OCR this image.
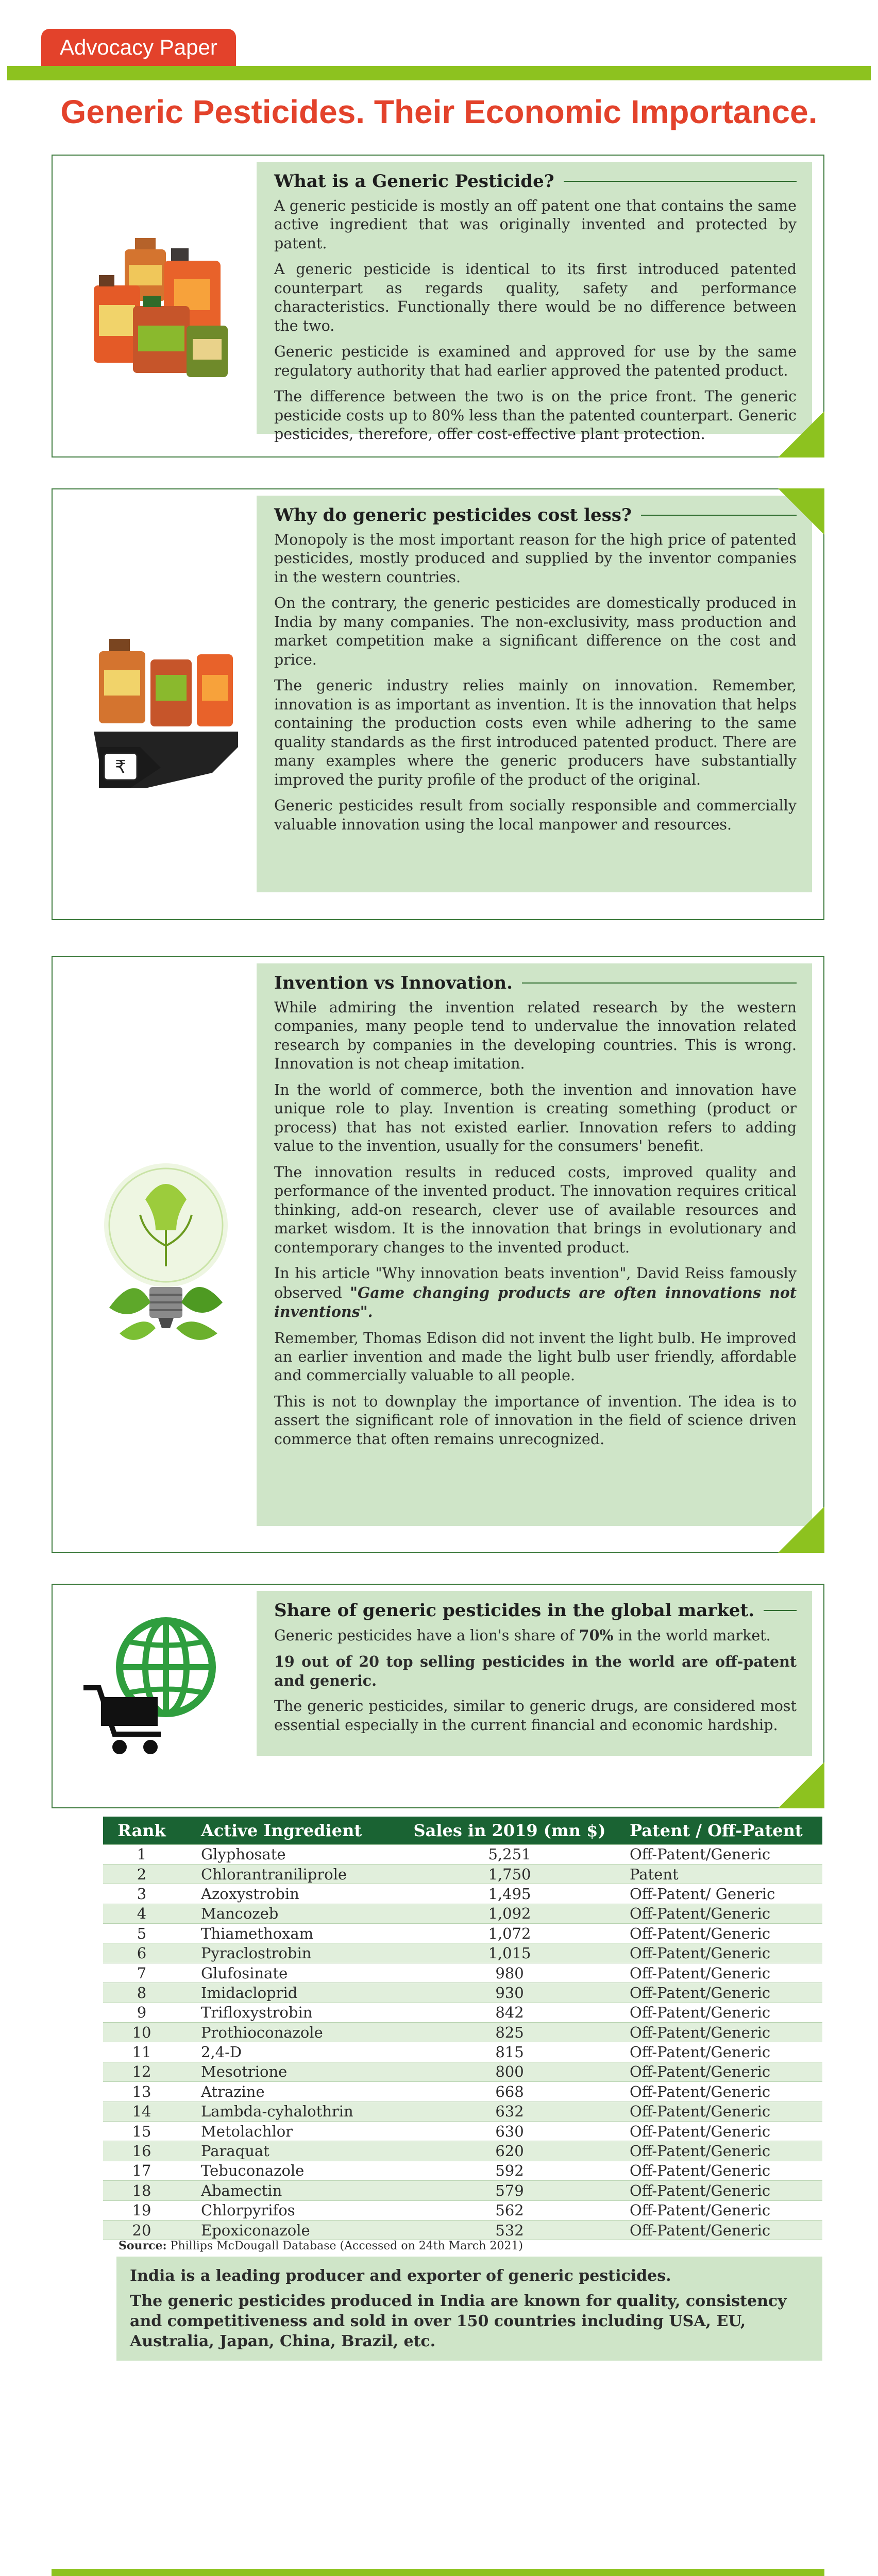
Advocacy Paper
Generic Pesticides. Their Economic Importance.
What is a Generic Pesticide?

A generic pesticide is mostly an off patent one that contains the same active ingredient that was originally invented and protected by patent.

A generic pesticide is identical to its first introduced patented counterpart as regards quality, safety and performance characteristics. Functionally there would be no difference between the two.

Generic pesticide is examined and approved for use by the same regulatory authority that had earlier approved the patented product.

The difference between the two is on the price front. The generic pesticide costs up to 80% less than the patented counterpart. Generic pesticides, therefore, offer cost-effective plant protection.

₹
Why do generic pesticides cost less?

Monopoly is the most important reason for the high price of patented pesticides, mostly produced and supplied by the inventor companies in the western countries.

On the contrary, the generic pesticides are domestically produced in India by many companies. The non-exclusivity, mass production and market competition make a significant difference on the cost and price.

The generic industry relies mainly on innovation. Remember, innovation is as important as invention. It is the innovation that helps containing the production costs even while adhering to the same quality standards as the first introduced patented product. There are many examples where the generic producers have substantially improved the purity profile of the product of the original.

Generic pesticides result from socially responsible and commercially valuable innovation using the local manpower and resources.

Invention vs Innovation.

While admiring the invention related research by the western companies, many people tend to undervalue the innovation related research by companies in the developing countries. This is wrong. Innovation is not cheap imitation.

In the world of commerce, both the invention and innovation have unique role to play. Invention is creating something (product or process) that has not existed earlier. Innovation refers to adding value to the invention, usually for the consumers' benefit.

The innovation results in reduced costs, improved quality and performance of the invented product. The innovation requires critical thinking, add-on research, clever use of available resources and market wisdom. It is the innovation that brings in evolutionary and contemporary changes to the invented product.

In his article "Why innovation beats invention", David Reiss famously observed "Game changing products are often innovations not inventions".

Remember, Thomas Edison did not invent the light bulb. He improved an earlier invention and made the light bulb user friendly, affordable and commercially valuable to all people.

This is not to downplay the importance of invention. The idea is to assert the significant role of innovation in the field of science driven commerce that often remains unrecognized.

Share of generic pesticides in the global market.

Generic pesticides have a lion's share of 70% in the world market.

19 out of 20 top selling pesticides in the world are off-patent and generic.

The generic pesticides, similar to generic drugs, are considered most essential especially in the current financial and economic hardship.

Rank	Active Ingredient	Sales in 2019 (mn $)	Patent / Off-Patent
1	Glyphosate	5,251	Off-Patent/Generic
2	Chlorantraniliprole	1,750	Patent
3	Azoxystrobin	1,495	Off-Patent/ Generic
4	Mancozeb	1,092	Off-Patent/Generic
5	Thiamethoxam	1,072	Off-Patent/Generic
6	Pyraclostrobin	1,015	Off-Patent/Generic
7	Glufosinate	980	Off-Patent/Generic
8	Imidacloprid	930	Off-Patent/Generic
9	Trifloxystrobin	842	Off-Patent/Generic
10	Prothioconazole	825	Off-Patent/Generic
11	2,4-D	815	Off-Patent/Generic
12	Mesotrione	800	Off-Patent/Generic
13	Atrazine	668	Off-Patent/Generic
14	Lambda-cyhalothrin	632	Off-Patent/Generic
15	Metolachlor	630	Off-Patent/Generic
16	Paraquat	620	Off-Patent/Generic
17	Tebuconazole	592	Off-Patent/Generic
18	Abamectin	579	Off-Patent/Generic
19	Chlorpyrifos	562	Off-Patent/Generic
20	Epoxiconazole	532	Off-Patent/Generic
Source: Phillips McDougall Database (Accessed on 24th March 2021)

India is a leading producer and exporter of generic pesticides.

The generic pesticides produced in India are known for quality, consistency and competitiveness and sold in over 150 countries including USA, EU, Australia, Japan, China, Brazil, etc.
